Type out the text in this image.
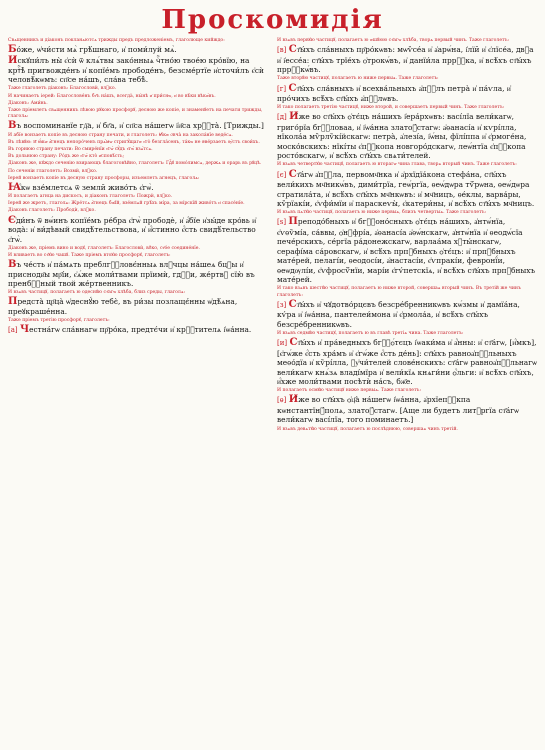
Проскомидія

Свѧщенникъ и діаконъ покланѧютсѧ трижды предъ предложеніемъ, глаголюще кийждо:

Бо́же, ѡ҆чи́сти мѧ̀ грѣ́шнаго, и҆ поми́луй мѧ̀.

Искꙋпи́лъ ны̀ є҆сѝ ѿ клѧ́твы зако́нныѧ чⷭ҇тно́ю твое́ю кро́вїю, на кртⷭ҇ѣ̀ пригвожде́нъ и҆ копїе́мъ прободе́нъ, безсме́ртїе и҆сточи́лъ є҆сѝ человѣ́кѡмъ: сп҃се на́шъ, сла́ва тебѣ̀.

Таже глаголетъ діаконъ: Благословѝ, влⷣко.

И начинаетъ іерей: Благослове́нъ бг҃ъ на́шъ, всегда̀, ны́нѣ и҆ при́снѡ, и҆ во вѣ́ки вѣкѡ́въ.

Діаконъ: Ами́нь.

Таже пріемлетъ свѧщенникъ лѣвою рꙋкою просфорꙋ, десною же копіе, и знаменꙋетъ на печати трижды, глаголѧ:

Въ воспоминанїе гд҇а, и҆ бг҃а, и҆ сп҃са на́шегѡ і҆и҃са хрⷭ҇та̀. [Трижды.]

И абїе вонзаетъ копіе въ десною страну печати, и глаголетъ: Ꙗ҆́кѡ ѻ҆вча̀ на закола́нїе веде́сѧ.

Въ лѣвꙋю: И҆ ꙗ҆́кѡ а҆́гнецъ непоро́ченъ прѧ́мѡ стригꙋ́щагѡ є҆го̀ безгла́сенъ, та́кѡ не ѿве́рзаетъ ᲂу҆́стъ свои́хъ.

Въ горнюю страну печати: Во смире́нїи є҆гѡ̀ сꙋ́дъ є҆гѡ̀ взѧ́тсѧ.

Въ дольнюю страну: Ро́дъ же є҆гѡ̀ кто̀ и҆сповѣ́сть;

Діаконъ же, кꙋждо сеченію взирающъ благоговѣйно, глаголетъ: Гдⷭ҇ꙋ помо́лимсѧ, держѧ и орарь въ рꙋцѣ.

По сеченіи глаголетъ: Возмѝ, влⷣко.

Іерей вонзаетъ копіе въ десную страну просфоры, изъемлетъ агнецъ, глаголѧ:

Ꙗ҆́кѡ взе́млетсѧ ѿ земли̑ живо́тъ є҆гѡ̀.

И полагаетъ агнца на дискосъ, и діаконъ глаголетъ: Пожрѝ, влⷣко.

Іерей же жретъ, глаголѧ: Жре́тсѧ а҆́гнецъ бж҃їй, взе́млѧй грѣ́хъ мі́ра, за мі́рскїй живо́тъ и҆ спасе́нїе.

Діаконъ глаголетъ: Прободѝ, влⷣко.

Є҆ди́нъ ѿ вѡ́инъ копїе́мъ ре́бра є҆гѡ̀ прободѐ, и҆ а҆́бїе и҆зы́де кро́вь и҆ вода̀: и҆ ви́дѣвый свидѣ́тельствова, и҆ и҆́стинно є҆́сть свидѣ́тельство є҆гѡ̀.

Діаконъ же, пріемъ вино и водꙋ, глаголетъ: Благословѝ, влⷣко, ст҃о́е соедине́нїе.

И вливаетъ во ст҃ꙋю чашꙋ. Таже пріемъ втоꙋю просфорꙋ, глаголетъ:

Въ че́сть и҆ па́мѧть преблгⷭ҇ловє́нныѧ влⷣчцы на́шеѧ бцⷣы и҆ приснодв҃ы мр҃і́и, є҆ѧ́же моли́твами прїимѝ, гдⷭ҇и, же́ртвꙋ сїю̀ въ пренбⷭ҇ный твой же́ртвенникъ.

И взѧвъ частицꙋ, полагаетъ ю одеснꙋю ст҃агѡ хлѣба, близ среды, глаголѧ:

Предста̀ цр҃ца̀ ѡ҆деснꙋ́ю тебє̀, въ ри́зы позлащє́нны ѡ҆дѣ́ѧна, преꙋкраше́нна.

Таже пріемъ третію просфорꙋ, глаголетъ:

[а] Честна́гѡ сла́внагѡ пр҃ро́ка, предтє́чи и҆ крⷭ҇тителѧ і҆ѡа́нна.

И взѧвъ первꙋю частицꙋ, полагаетъ ю ѡшꙋюю ст҃агѡ хлѣба, творѧ первый чинъ. Таже глаголетъ:

[в] Ст҃ы́хъ сла́вныхъ пр҃ро́кѡвъ: мѡѷсе́а и҆ а҆арѡ́на, і҆лїи̑ и҆ є҆лїсе́а, двⷣа и҆ і҆ессе́а: ст҃ы́хъ трїе́хъ ѻ҆трокѡ́въ, и҆ данїи́ла пррⷪ҇ка, и҆ всѣ́хъ ст҃ы́хъ пррⷪ҇кѡ́въ.

Таже вторꙋю частицꙋ, полагаетъ ю ниже первыѧ. Таже глаголетъ:

[г] Ст҃ы́хъ сла́вныхъ и҆ всехва́льныхъ а҆пⷭ҇лъ петра̀ и҆ па́ѵла, и҆ про́чихъ всѣ́хъ ст҃ы́хъ а҆пⷭ҇лѡвъ.

И тако полагаетъ третію частицꙋ, ниже второй, и совершаетъ первый чинъ. Таже глаголетъ:

[д] И́же во ст҃ы́хъ ѻ҆тє́цъ на́шихъ і҆ера́рхѡвъ: васі́лїа вели́кагѡ, григо́рїа бгⷭ҇ловаа, и҆ і҆ѡа́нна златоꙋ́стагѡ: а҆ѳанасі́а и҆ кѵрі́лла, нїкола́а мѷрлѷкі́йскагѡ: петра̀, а҆лезі́а, і҆ѡ́ны, фїлі́ппа и҆ є҆рмоге́на, моско́вскихъ: нїкі́ты є҆пⷭ҇копа новгоро́дскагѡ, леѡ́нтїа є҆пⷭ҇копа росто́вскагѡ, и҆ всѣ́хъ ст҃ы́хъ свѧти́телей.

И взѧвъ четвертꙋю частицꙋ, полагаетъ ю вторагѡ чина глава, творѧ вторый чинъ. Таже глаголетъ:

[є] Ст҃а́гѡ а҆пⷭ҇ла, первомч҃нка и҆ а҆рхїдїа́кона стефа́на, ст҃ы́хъ вели́кихъ мч҃никѡ́въ, дими́трїа, геѡ́ргїа, ѳеѡ́дѡра тѷ́рѡна, ѳеѡ́дѡра стратила́та, и҆ всѣ́хъ ст҃ы́хъ мч҃нкѡвъ: и҆ мч҃ницъ, ѳе́клы, варва́ры, кѷрїакі́и, є҆ѵфи́мїи и҆ параскеѵы̀, є҆катери́ны, и҆ всѣ́хъ ст҃ы́хъ мч҃ницъ.

И взѧвъ пѧтꙋю частицꙋ, полагаетъ ю ниже первыѧ, близъ четвертыѧ. Таже глаголетъ:

[ѕ] Преподо́бныхъ и҆ бгⷭ҇оно́сныхъ ѻ҆тє́цъ на́шихъ, а҆нтѡ́нїа, є҆ѵѳѷмі́а, са́ввы, ѻ҆нꙋфрі́а, а҆ѳанасі́а а҆ѳѡ́нскагѡ, а҆нтѡ́нїа и҆ ѳеодѡ́сїа пече́рскихъ, се́ргїа ра́донежскагѡ, варлаа́ма хꙋты́нскагѡ, серафі́ма са́ровскагѡ, и҆ всѣ́хъ прпⷣбныхъ ѻ҆тє́цъ: и҆ прпⷣбныхъ мате́рей, пелагі́и, ѳеодосі́и, а҆настасі́и, є҆ѵпракі́и, февронї́и, ѳеѡдѹлі́и, є҆ѵфросѷ́нїи, марі́и є҆гѵ́петскїѧ, и҆ всѣ́хъ ст҃ы́хъ прпⷣбныхъ мате́рей.

И тако взѧвъ шестꙋю частицꙋ, полагаетъ ю ниже второй, совершаѧ вторый чинъ. Въ третій же чинъ глаголетъ:

[з] Ст҃ы́хъ и҆ чꙋдотво́рцєвъ безсре́бренникѡвъ кѡ́змы и҆ дамїа́на, кѵ́ра и҆ і҆ѡа́нна, пантелеи́мона и҆ є҆рмола́а, и҆ всѣ́хъ ст҃ы́хъ безсре́бренникѡвъ.

И взѧвъ седмꙋю частицꙋ, полагаетъ ю въ главѣ третіѧ чина. Таже глаголетъ:

[и] Ст҃ы́хъ и҆ пра́ведныхъ бгⷪ҇ѻ́тєцъ і҆ѡаки́ма и҆ а҆́нны: и҆ ст҃а́гѡ, [и҆́мкъ], [є҆гѡ́же є҆́сть хра́мъ и҆ є҆гѡ́же є҆́сть де́нь]: ст҃ы́хъ равноа҆пⷭ҇льныхъ меѳо́дїа и҆ кѷрі́лла, ᲂу҆чи́телей слове́нскихъ: ст҃а́гѡ равноа҆пⷭ҇льнагѡ вели́кагѡ кнѧ́зѧ владі́мїра и҆ вели́кїѧ кнѧги́ни ѻ҆́льги: и҆ всѣ́хъ ст҃ы́хъ, и҆́хже моли́твами посѣтѝ на́съ, бж҃е.

И полагаетъ осмꙋю частицꙋ ниже первыѧ. Таже глаголетъ:

[ѳ] И́же во ст҃ы́хъ ѻ҆ц҃а̀ на́шегѡ і҆ѡа́нна, а҆рхїепⷭ҇кпа кѡнстантїнꙋ́полѧ, златоꙋ́стагѡ. [Аще ли будетъ литꙋргїа ст҃а́гѡ вели́кагѡ васі́лїа, того поминаетъ.]

И взѧвъ девѧтꙋю частицꙋ, полагаетъ ю послѣднюю, совершаѧ чинъ третій.
